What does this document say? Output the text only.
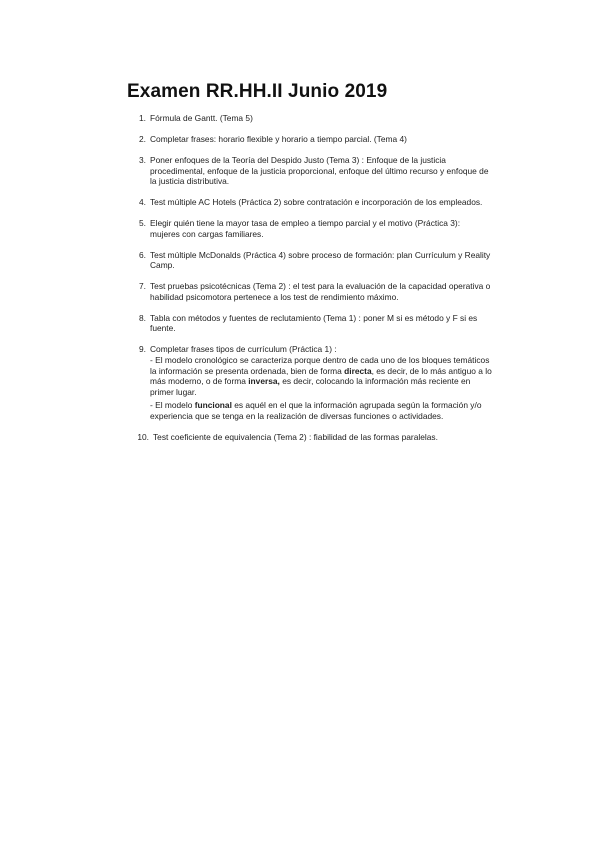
Examen RR.HH.II Junio 2019
1. Fórmula de Gantt. (Tema 5)
2. Completar frases: horario flexible y horario a tiempo parcial. (Tema 4)
3. Poner enfoques de la Teoría del Despido Justo (Tema 3) : Enfoque de la justicia procedimental, enfoque de la justicia proporcional, enfoque del último recurso y enfoque de la justicia distributiva.
4. Test múltiple AC Hotels (Práctica 2) sobre contratación e incorporación de los empleados.
5. Elegir quién tiene la mayor tasa de empleo a tiempo parcial y el motivo (Práctica 3): mujeres con cargas familiares.
6. Test múltiple McDonalds (Práctica 4) sobre proceso de formación: plan Currículum y Reality Camp.
7. Test pruebas psicotécnicas (Tema 2) : el test para la evaluación de la capacidad operativa o habilidad psicomotora pertenece a los test de rendimiento máximo.
8. Tabla con métodos y fuentes de reclutamiento (Tema 1) : poner M si es método y F si es fuente.
9. Completar frases tipos de currículum (Práctica 1) :

- El modelo cronológico se caracteriza porque dentro de cada uno de los bloques temáticos la información se presenta ordenada, bien de forma directa, es decir, de lo más antiguo a lo más moderno, o de forma inversa, es decir, colocando la información más reciente en primer lugar.

- El modelo funcional es aquél en el que la información agrupada según la formación y/o experiencia que se tenga en la realización de diversas funciones o actividades.

10. Test coeficiente de equivalencia (Tema 2) : fiabilidad de las formas paralelas.
